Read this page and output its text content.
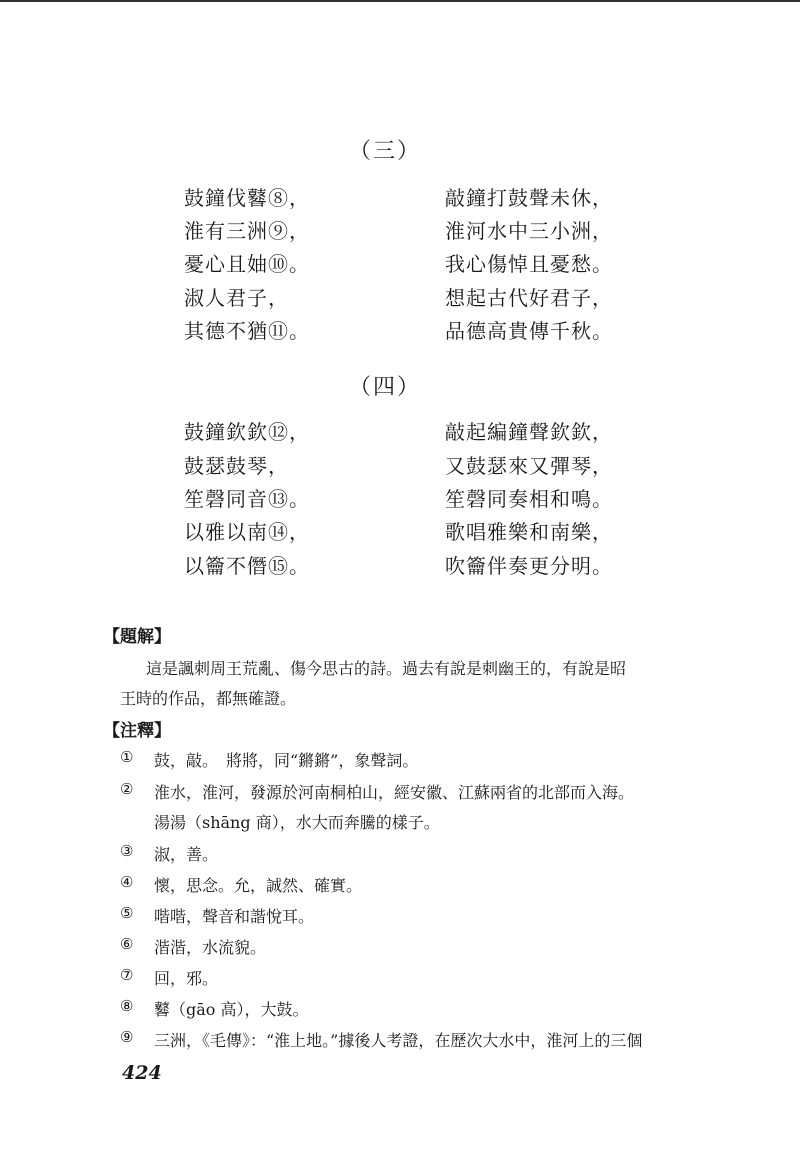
（三）
鼓鐘伐鼛⑧，	敲鐘打鼓聲未休，
淮有三洲⑨，	淮河水中三小洲，
憂心且妯⑩。	我心傷悼且憂愁。
淑人君子，	想起古代好君子，
其德不猶⑪。	品德高貴傳千秋。
（四）
鼓鐘欽欽⑫，	敲起編鐘聲欽欽，
鼓瑟鼓琴，	又鼓瑟來又彈琴，
笙磬同音⑬。	笙磬同奏相和鳴。
以雅以南⑭，	歌唱雅樂和南樂，
以籥不僭⑮。	吹籥伴奏更分明。
【題解】
這是諷刺周王荒亂、傷今思古的詩。過去有說是刺幽王的，有說是昭
王時的作品，都無確證。
【注釋】
① 鼓，敲。　將將，同“鏘鏘”，象聲詞。
② 淮水，淮河，發源於河南桐柏山，經安徽、江蘇兩省的北部而入海。
湯湯（shāng 商），水大而奔騰的樣子。
③ 淑，善。
④ 懷，思念。允，誠然、確實。
⑤ 喈喈，聲音和諧悅耳。
⑥ 湝湝，水流貌。
⑦ 回，邪。
⑧ 鼛（gāo 高），大鼓。
⑨ 三洲，《毛傳》：“淮上地。”據後人考證，在歷次大水中，淮河上的三個
424
